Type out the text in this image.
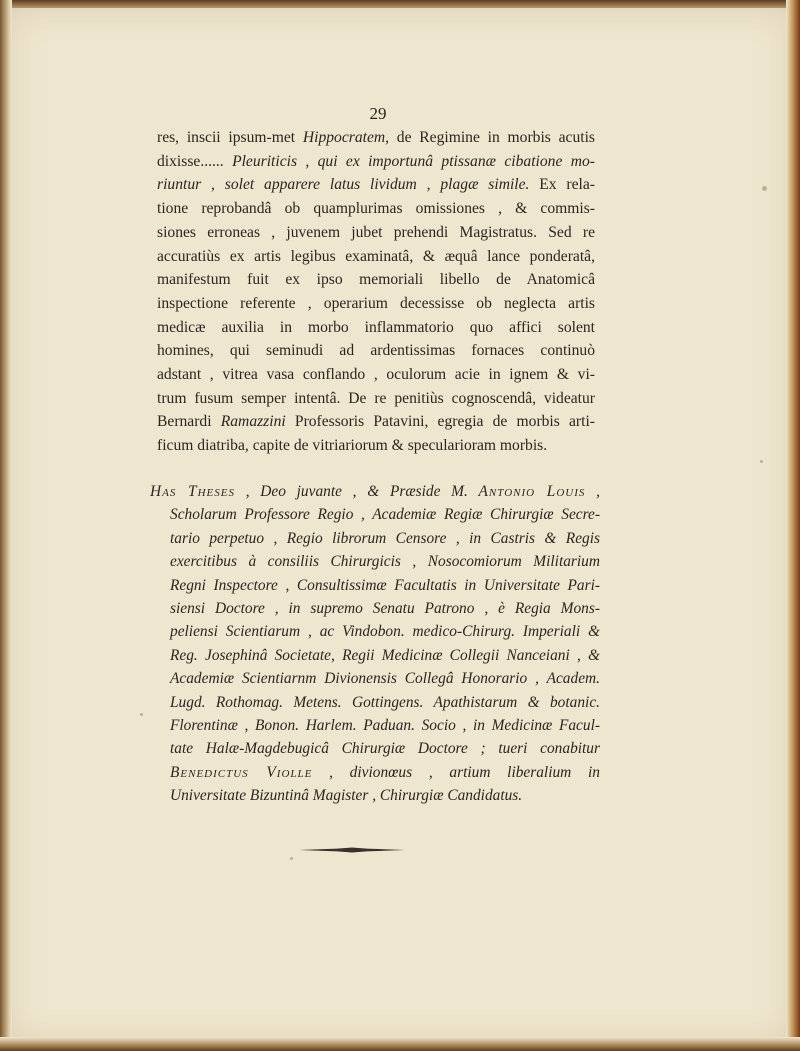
29
res, inscii ipsum-met Hippocratem, de Regimine in morbis acutis
dixisse...... Pleuriticis , qui ex importunâ ptissanæ cibatione mo-
riuntur , solet apparere latus lividum , plagæ simile. Ex rela-
tione reprobandâ ob quamplurimas omissiones , & commis-
siones erroneas , juvenem jubet prehendi Magistratus. Sed re
accuratiùs ex artis legibus examinatâ, & æquâ lance ponderatâ,
manifestum fuit ex ipso memoriali libello de Anatomicâ
inspectione referente , operarium decessisse ob neglecta artis
medicæ auxilia in morbo inflammatorio quo affici solent
homines, qui seminudi ad ardentissimas fornaces continuò
adstant , vitrea vasa conflando , oculorum acie in ignem & vi-
trum fusum semper intentâ. De re penitiùs cognoscendâ, videatur
Bernardi Ramazzini Professoris Patavini, egregia de morbis arti-
ficum diatriba, capite de vitriariorum & specularioram morbis.
Has Theses , Deo juvante , & Præside M. Antonio Louis ,
Scholarum Professore Regio , Academiæ Regiæ Chirurgiæ Secre-
tario perpetuo , Regio librorum Censore , in Castris & Regis
exercitibus à consiliis Chirurgicis , Nosocomiorum Militarium
Regni Inspectore , Consultissimæ Facultatis in Universitate Pari-
siensi Doctore , in supremo Senatu Patrono , è Regia Mons-
peliensi Scientiarum , ac Vindobon. medico-Chirurg. Imperiali &
Reg. Josephinâ Societate, Regii Medicinæ Collegii Nanceiani , &
Academiæ Scientiarnm Divionensis Collegâ Honorario , Academ.
Lugd. Rothomag. Metens. Gottingens. Apathistarum & botanic.
Florentinæ , Bonon. Harlem. Paduan. Socio , in Medicinæ Facul-
tate Halæ-Magdebugicâ Chirurgiæ Doctore ; tueri conabitur
Benedictus Violle , divionœus , artium liberalium in
Universitate Bizuntinâ Magister , Chirurgiæ Candidatus.
